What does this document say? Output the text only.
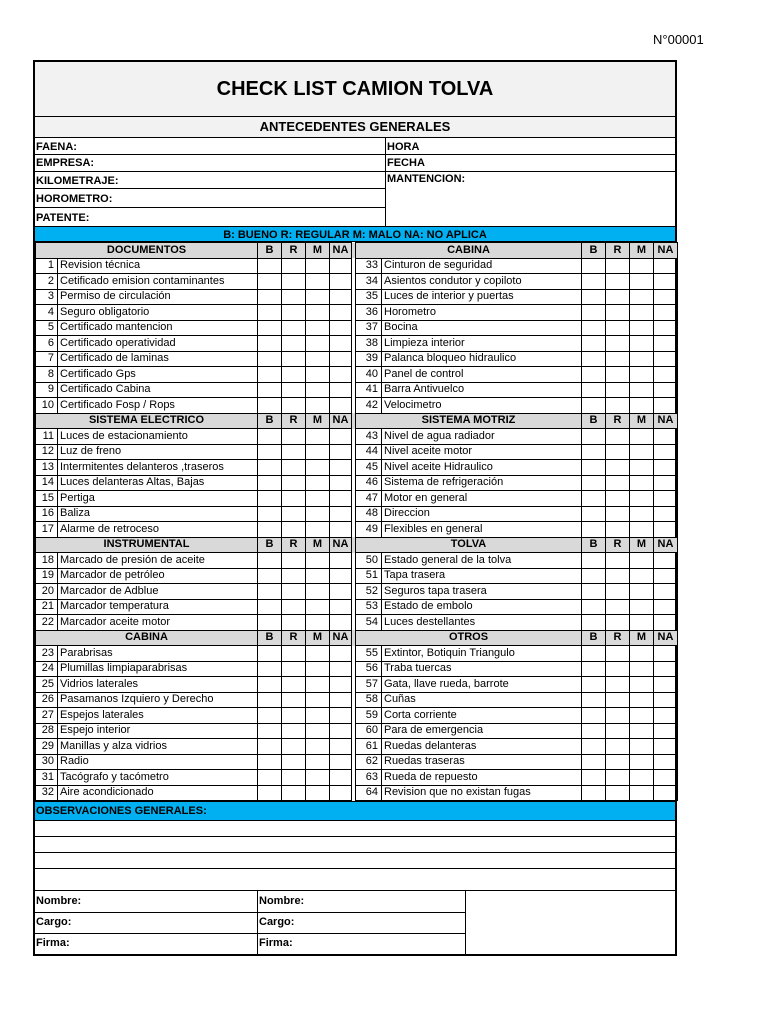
N°00001
CHECK LIST CAMION TOLVA
ANTECEDENTES GENERALES
FAENA:
EMPRESA:
KILOMETRAJE:
HOROMETRO:
PATENTE:
HORA
FECHA
MANTENCION:
B: BUENO R: REGULAR M: MALO NA: NO APLICA
DOCUMENTOS		B	R	M	NA		CABINA		B	R	M	NA
1	Revision técnica						33	Cinturon de seguridad				
2	Cetificado emision contaminantes						34	Asientos condutor y copiloto				
3	Permiso de circulación						35	Luces de interior y puertas				
4	Seguro obligatorio						36	Horometro				
5	Certificado mantencion						37	Bocina				
6	Certificado operatividad						38	Limpieza interior				
7	Certificado de laminas						39	Palanca bloqueo hidraulico				
8	Certificado Gps						40	Panel de control				
9	Certificado Cabina						41	Barra Antivuelco				
10	Certificado Fosp / Rops						42	Velocimetro				
SISTEMA ELECTRICO		B	R	M	NA		SISTEMA MOTRIZ		B	R	M	NA
11	Luces de estacionamiento						43	Nivel de agua radiador				
12	Luz de freno						44	Nivel aceite motor				
13	Intermitentes delanteros ,traseros						45	Nivel aceite Hidraulico				
14	Luces delanteras Altas, Bajas						46	Sistema de refrigeración				
15	Pertiga						47	Motor en general				
16	Baliza						48	Direccion				
17	Alarme de retroceso						49	Flexibles en general				
INSTRUMENTAL		B	R	M	NA		TOLVA		B	R	M	NA
18	Marcado de presión de aceite						50	Estado general de la tolva				
19	Marcador de petróleo						51	Tapa trasera				
20	Marcador de Adblue						52	Seguros tapa trasera				
21	Marcador temperatura						53	Estado de embolo				
22	Marcador aceite motor						54	Luces destellantes				
CABINA		B	R	M	NA		OTROS		B	R	M	NA
23	Parabrisas						55	Extintor, Botiquin Triangulo				
24	Plumillas limpiaparabrisas						56	Traba tuercas				
25	Vidrios laterales						57	Gata, llave rueda, barrote				
26	Pasamanos Izquiero y Derecho						58	Cuñas				
27	Espejos laterales						59	Corta corriente				
28	Espejo interior						60	Para de emergencia				
29	Manillas y alza vidrios						61	Ruedas delanteras				
30	Radio						62	Ruedas traseras				
31	Tacógrafo y tacómetro						63	Rueda de repuesto				
32	Aire acondicionado						64	Revision que no existan fugas				
OBSERVACIONES GENERALES:
Nombre:
Cargo:
Firma:
Nombre:
Cargo:
Firma:
